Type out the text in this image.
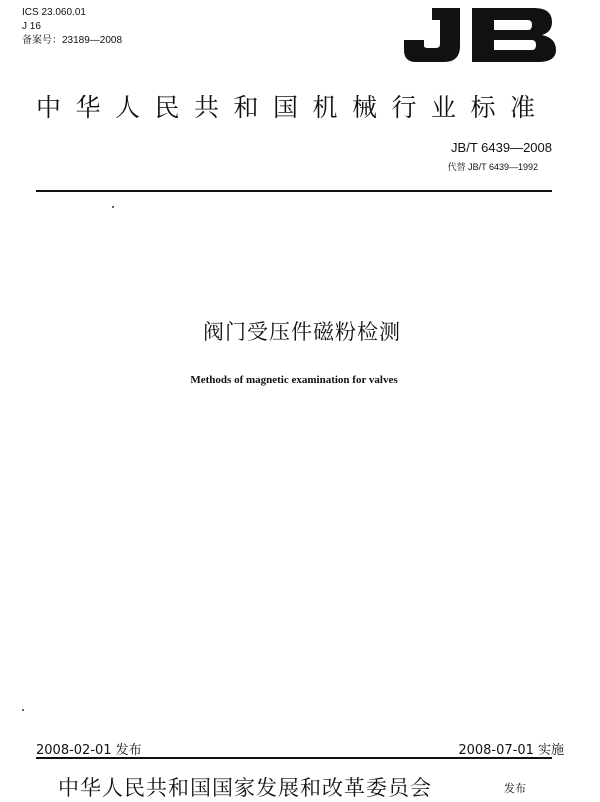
ICS 23.060.01
J 16
备案号：23189—2008
中华人民共和国机械行业标准
JB/T 6439—2008
代替 JB/T 6439—1992
阀门受压件磁粉检测
Methods of magnetic examination for valves
2008-02-01 发布	2008-07-01 实施
中华人民共和国国家发展和改革委员会	发布
